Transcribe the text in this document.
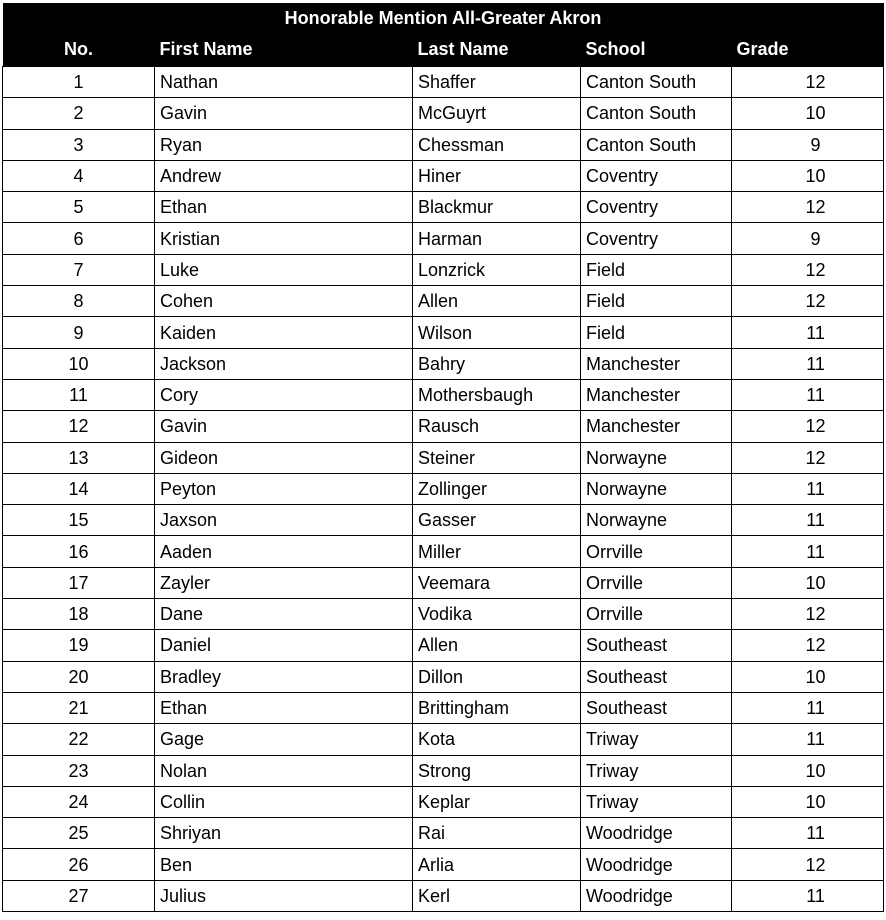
Honorable Mention All-Greater Akron				
No.	First Name	Last Name	School	Grade
1	Nathan	Shaffer	Canton South	12
2	Gavin	McGuyrt	Canton South	10
3	Ryan	Chessman	Canton South	9
4	Andrew	Hiner	Coventry	10
5	Ethan	Blackmur	Coventry	12
6	Kristian	Harman	Coventry	9
7	Luke	Lonzrick	Field	12
8	Cohen	Allen	Field	12
9	Kaiden	Wilson	Field	11
10	Jackson	Bahry	Manchester	11
11	Cory	Mothersbaugh	Manchester	11
12	Gavin	Rausch	Manchester	12
13	Gideon	Steiner	Norwayne	12
14	Peyton	Zollinger	Norwayne	11
15	Jaxson	Gasser	Norwayne	11
16	Aaden	Miller	Orrville	11
17	Zayler	Veemara	Orrville	10
18	Dane	Vodika	Orrville	12
19	Daniel	Allen	Southeast	12
20	Bradley	Dillon	Southeast	10
21	Ethan	Brittingham	Southeast	11
22	Gage	Kota	Triway	11
23	Nolan	Strong	Triway	10
24	Collin	Keplar	Triway	10
25	Shriyan	Rai	Woodridge	11
26	Ben	Arlia	Woodridge	12
27	Julius	Kerl	Woodridge	11
